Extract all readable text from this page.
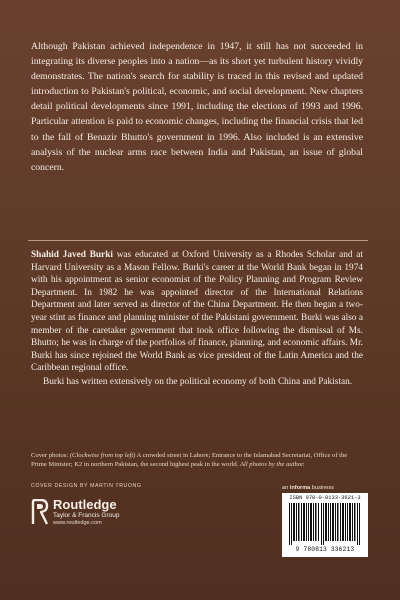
Although Pakistan achieved independence in 1947, it still has not succeeded in integrating its diverse peoples into a nation—as its short yet turbulent history vividly demonstrates. The nation's search for stability is traced in this revised and updated introduction to Pakistan's political, economic, and social development. New chapters detail political developments since 1991, including the elections of 1993 and 1996. Particular attention is paid to economic changes, including the financial crisis that led to the fall of Benazir Bhutto's government in 1996. Also included is an extensive analysis of the nuclear arms race between India and Pakistan, an issue of global concern.

Shahid Javed Burki was educated at Oxford University as a Rhodes Scholar and at Harvard University as a Mason Fellow. Burki's career at the World Bank began in 1974 with his appointment as senior economist of the Policy Planning and Program Review Department. In 1982 he was appointed director of the International Relations Department and later served as director of the China Department. He then began a two-year stint as finance and planning minister of the Pakistani government. Burki was also a member of the caretaker government that took office following the dismissal of Ms. Bhutto; he was in charge of the portfolios of finance, planning, and economic affairs. Mr. Burki has since rejoined the World Bank as vice president of the Latin America and the Caribbean regional office.

Burki has written extensively on the political economy of both China and Pakistan.

Cover photos: (Clockwise from top left) A crowded street in Lahore; Entrance to the Islamabad Secretariat, Office of the Prime Minister; K2 in northern Pakistan, the second highest peak in the world. All photos by the author.
COVER DESIGN BY MARTIN TRUONG	an informa business
Routledge
Taylor & Francis Group
www.routledge.com
ISBN 978-0-8133-3621-3
9 780813 336213
